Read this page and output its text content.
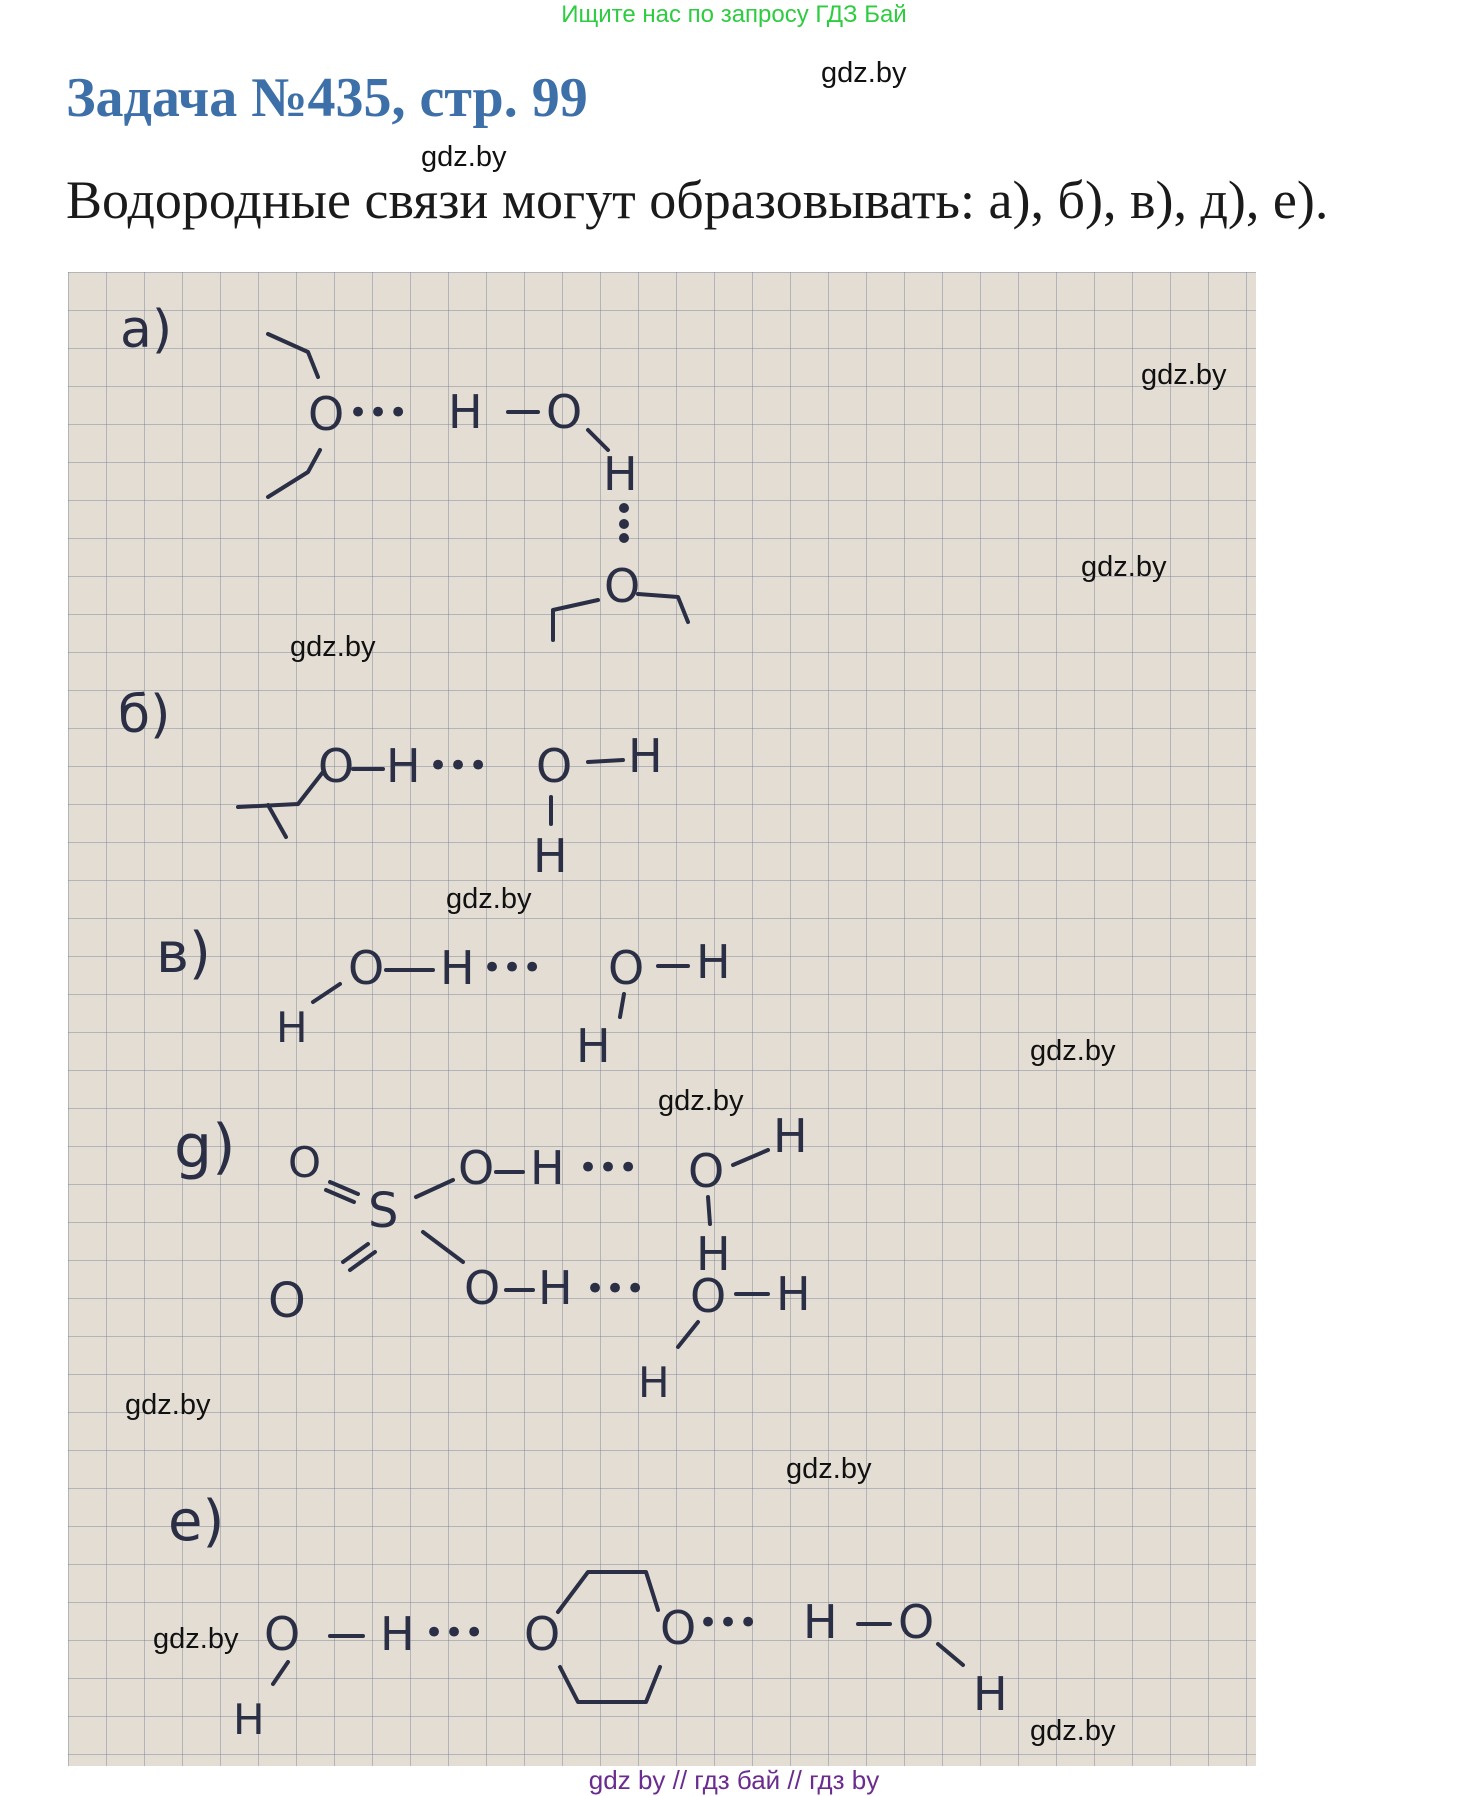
Ищите нас по запросу ГДЗ Бай
Задача №435, стр. 99
Водородные связи могут образовывать: а), б), в), д), е).
gdz.by
gdz.by
а)
O ••• H O
H
O
б)
O H ••• O H
H
в)	O H ••• O H
H	H
g) O
S
O H ••• O
H
H
O	O H ••• O H
H
е)
O H ••• O O ••• H O
H
H
gdz.by
gdz.by
gdz.by
gdz.by
gdz.by
gdz.by
gdz.by
gdz.by
gdz.by
gdz.by
gdz by // гдз бай // гдз by
